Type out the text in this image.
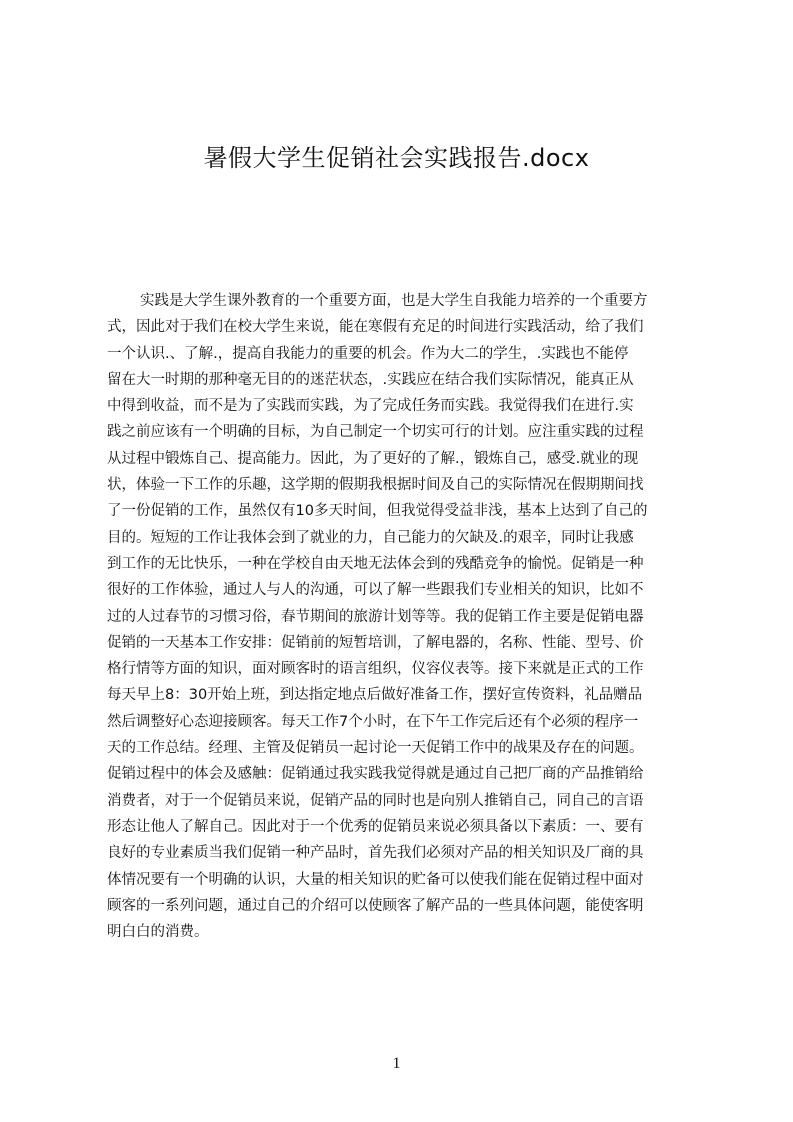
暑假大学生促销社会实践报告.docx
实践是大学生课外教育的一个重要方面，也是大学生自我能力培养的一个重要方
式，因此对于我们在校大学生来说，能在寒假有充足的时间进行实践活动，给了我们
一个认识.、了解.，提高自我能力的重要的机会。作为大二的学生，.实践也不能停
留在大一时期的那种毫无目的的迷茫状态，.实践应在结合我们实际情况，能真正从
中得到收益，而不是为了实践而实践，为了完成任务而实践。我觉得我们在进行.实
践之前应该有一个明确的目标，为自己制定一个切实可行的计划。应注重实践的过程
从过程中锻炼自己、提高能力。因此，为了更好的了解.，锻炼自己，感受.就业的现
状，体验一下工作的乐趣，这学期的假期我根据时间及自己的实际情况在假期期间找
了一份促销的工作，虽然仅有10多天时间，但我觉得受益非浅，基本上达到了自己的
目的。短短的工作让我体会到了就业的力，自己能力的欠缺及.的艰辛，同时让我感
到工作的无比快乐，一种在学校自由天地无法体会到的残酷竞争的愉悦。促销是一种
很好的工作体验，通过人与人的沟通，可以了解一些跟我们专业相关的知识，比如不
过的人过春节的习惯习俗，春节期间的旅游计划等等。我的促销工作主要是促销电器
促销的一天基本工作安排：促销前的短暂培训，了解电器的，名称、性能、型号、价
格行情等方面的知识，面对顾客时的语言组织，仪容仪表等。接下来就是正式的工作
每天早上8：30开始上班，到达指定地点后做好准备工作，摆好宣传资料，礼品赠品
然后调整好心态迎接顾客。每天工作7个小时，在下午工作完后还有个必须的程序一
天的工作总结。经理、主管及促销员一起讨论一天促销工作中的战果及存在的问题。
促销过程中的体会及感触：促销通过我实践我觉得就是通过自己把厂商的产品推销给
消费者，对于一个促销员来说，促销产品的同时也是向别人推销自己，同自己的言语
形态让他人了解自己。因此对于一个优秀的促销员来说必须具备以下素质：一、要有
良好的专业素质当我们促销一种产品时，首先我们必须对产品的相关知识及厂商的具
体情况要有一个明确的认识，大量的相关知识的贮备可以使我们能在促销过程中面对
顾客的一系列问题，通过自己的介绍可以使顾客了解产品的一些具体问题，能使客明
明白白的消费。
1
